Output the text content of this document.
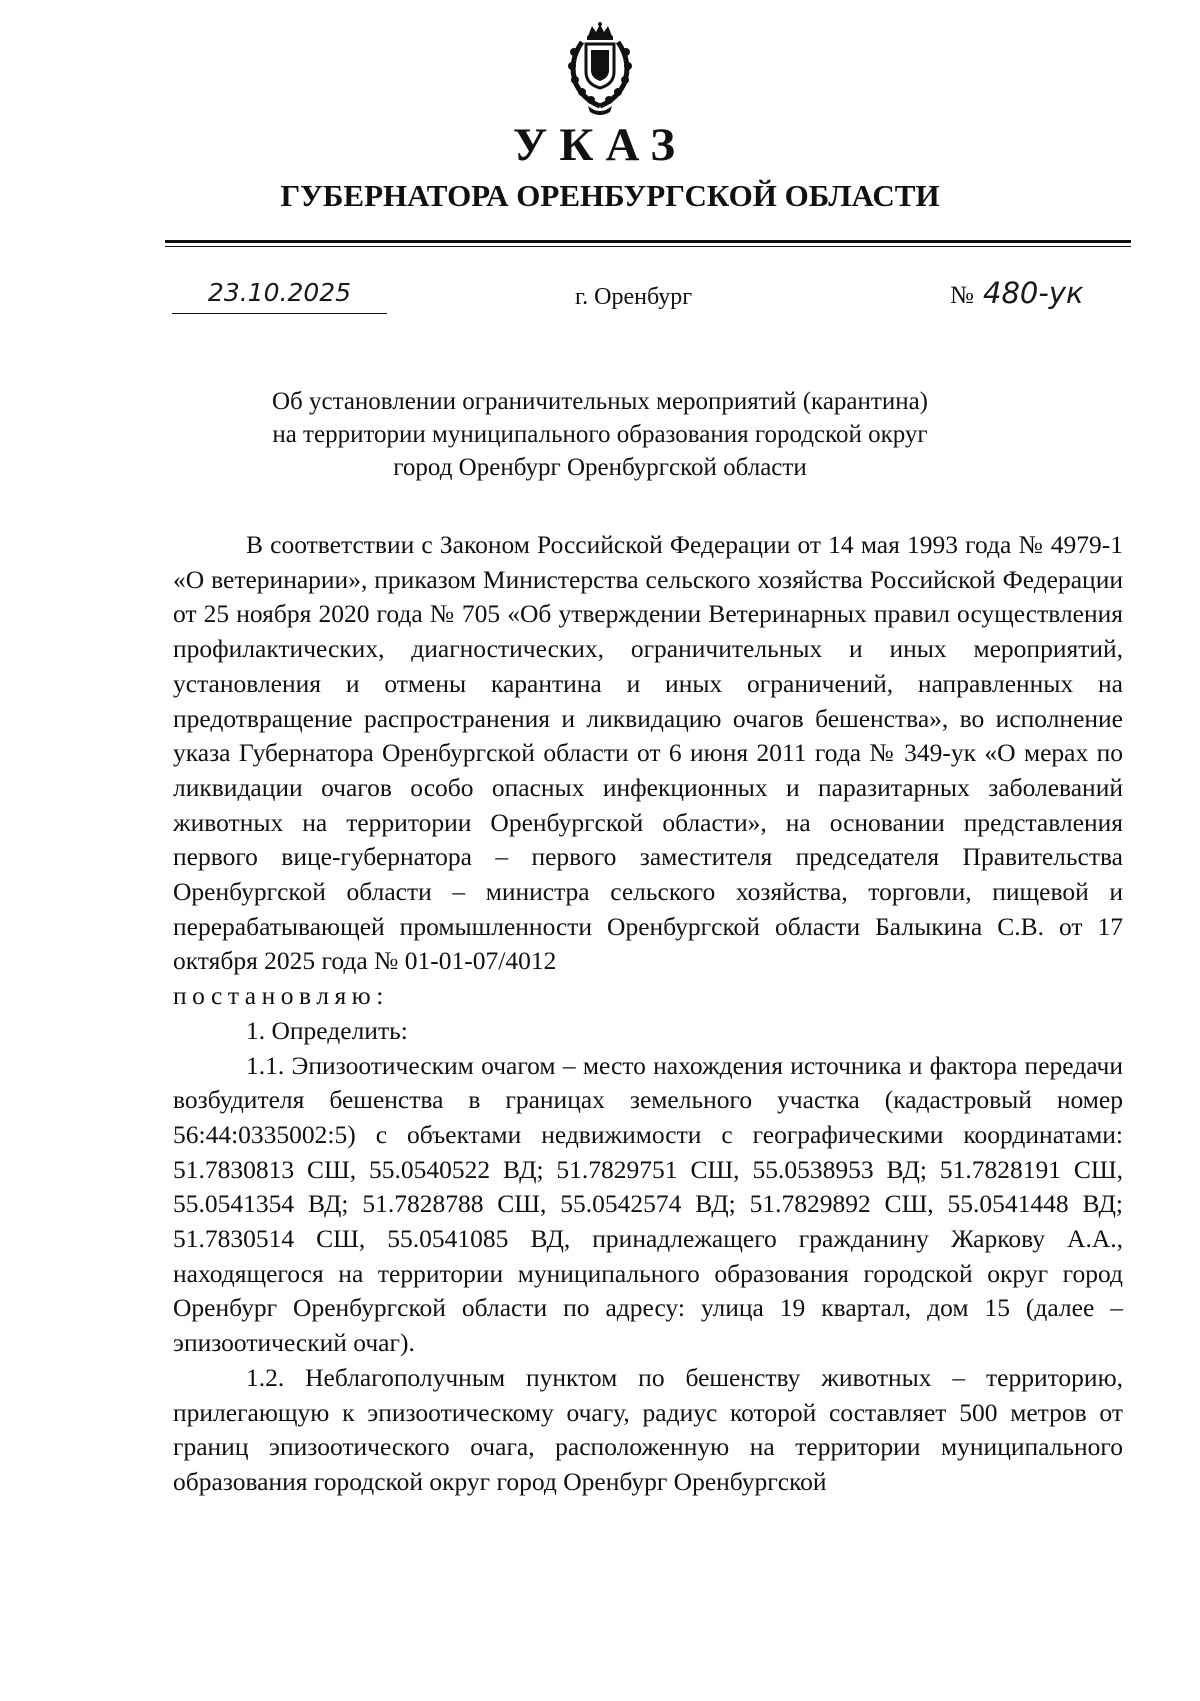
УКАЗ
ГУБЕРНАТОРА ОРЕНБУРГСКОЙ ОБЛАСТИ
23.10.2025	г. Оренбург	№ 480-ук
Об установлении ограничительных мероприятий (карантина)
на территории муниципального образования городской округ
город Оренбург Оренбургской области

В соответствии с Законом Российской Федерации от 14 мая 1993 года № 4979-1 «О ветеринарии», приказом Министерства сельского хозяйства Российской Федерации от 25 ноября 2020 года № 705 «Об утверждении Ветеринарных правил осуществления профилактических, диагностических, ограничительных и иных мероприятий, установления и отмены карантина и иных ограничений, направленных на предотвращение распространения и ликвидацию очагов бешенства», во исполнение указа Губернатора Оренбургской области от 6 июня 2011 года № 349-ук «О мерах по ликвидации очагов особо опасных инфекционных и паразитарных заболеваний животных на территории Оренбургской области», на основании представления первого вице-губернатора – первого заместителя председателя Правительства Оренбургской области – министра сельского хозяйства, торговли, пищевой и перерабатывающей промышленности Оренбургской области Балыкина С.В. от 17 октября 2025 года № 01-01-07/4012

постановляю:

1. Определить:

1.1. Эпизоотическим очагом – место нахождения источника и фактора передачи возбудителя бешенства в границах земельного участка (кадастровый номер 56:44:0335002:5) с объектами недвижимости с географическими координатами: 51.7830813 СШ, 55.0540522 ВД; 51.7829751 СШ, 55.0538953 ВД; 51.7828191 СШ, 55.0541354 ВД; 51.7828788 СШ, 55.0542574 ВД; 51.7829892 СШ, 55.0541448 ВД; 51.7830514 СШ, 55.0541085 ВД, принадлежащего гражданину Жаркову А.А., находящегося на территории муниципального образования городской округ город Оренбург Оренбургской области по адресу: улица 19 квартал, дом 15 (далее – эпизоотический очаг).

1.2. Неблагополучным пунктом по бешенству животных – территорию, прилегающую к эпизоотическому очагу, радиус которой составляет 500 метров от границ эпизоотического очага, расположенную на территории муниципального образования городской округ город Оренбург Оренбургской
